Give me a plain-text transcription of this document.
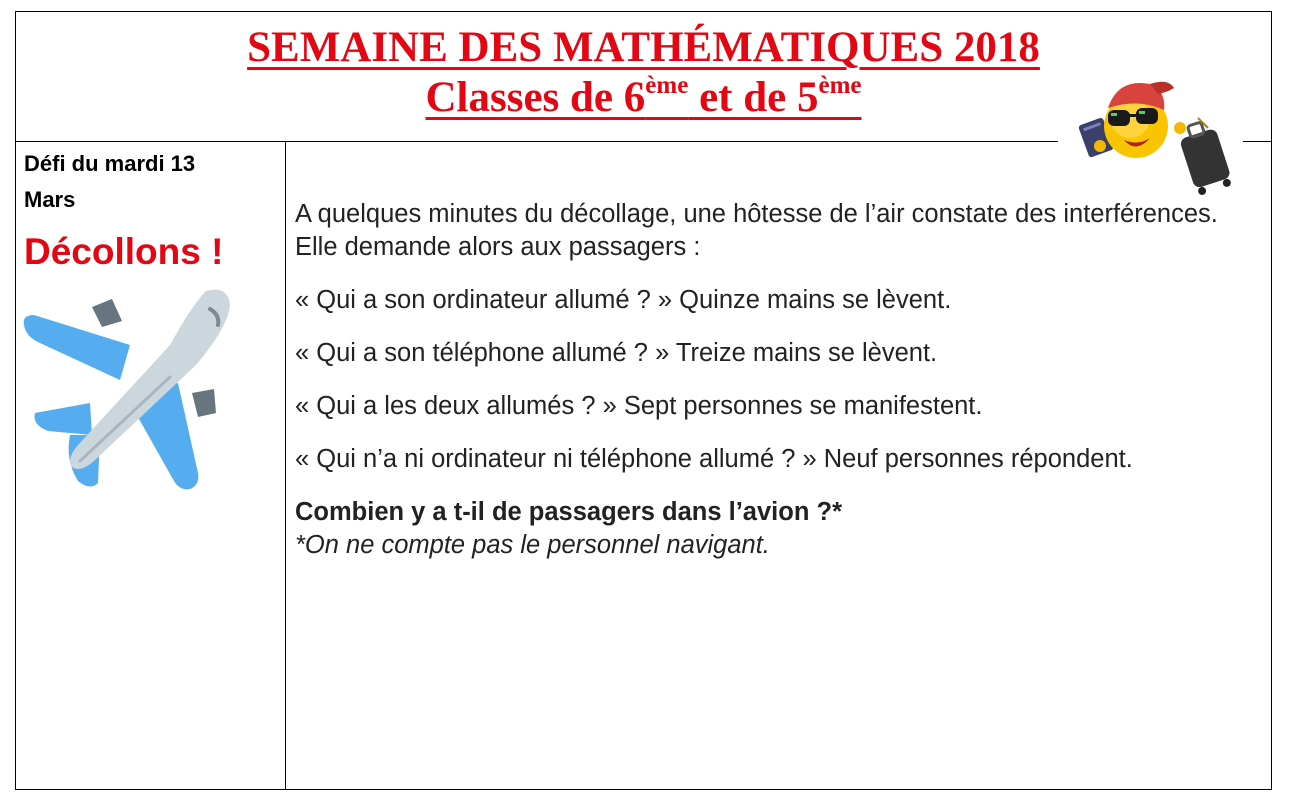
SEMAINE DES MATHÉMATIQUES 2018
Classes de 6ème et de 5ème
Défi du mardi 13 Mars
Décollons !

A quelques minutes du décollage, une hôtesse de l’air constate des interférences. Elle demande alors aux passagers :

« Qui a son ordinateur allumé ? » Quinze mains se lèvent.

« Qui a son téléphone allumé ? » Treize mains se lèvent.

« Qui a les deux allumés ? » Sept personnes se manifestent.

« Qui n’a ni ordinateur ni téléphone allumé ? » Neuf personnes répondent.

Combien y a t-il de passagers dans l’avion ?*

*On ne compte pas le personnel navigant.
